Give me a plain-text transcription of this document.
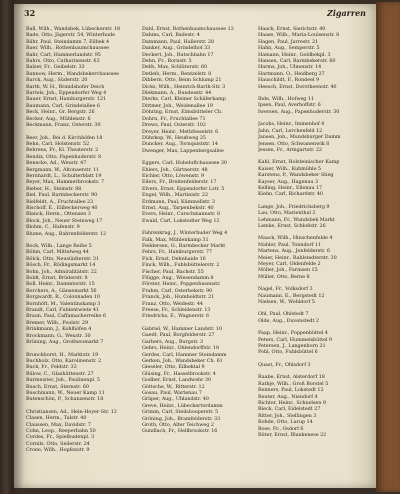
32	Zigarren
Ball, Wilh., Wandsbek, Lübeckerstr. 18
Bade, Otto, Jägerstr. 54, Winterhude
Bähr, Paul, Steindamm 7, Eilbek 4
Baer, Wilh., Rothenbaumchaussee
Bahr, Carl, Hammerlandstr. 95
Bahrs, Otto, Catharinenstr. 63
Balzer, Fr., Geibelstr. 33
Bannow, Herm., Wandsbekerchaussee
Barck, Aug., Süderstr. 20
Barth, W. H., Brandshofer Deich
Bartels, Joh., Eppendorfer Weg 4
Bauer, Ernst, Hamburgerstr. 121
Baumann, Carl, Grindelallee 6
Beck, Heinr., Gr. Bergstr. 26
Becker, Aug., Mühlenstr. 6
Beckmann, Franz, Osterstr. 30
Beer, Joh., Bei d. Kirchhöfen 18
Behn, Carl, Holstenstr. 52
Behrens, Fr., Kl. Theaterstr. 2
Bendix, Otto, Papenhuderstr. 8
Benecke, Ad., Wexstr. 47
Bergmann, W., Altonaerstr. 11
Bernhardt, L., Schulterblatt 19
Beyer, Max, Hammerbrookstr. 7
Bieber, H., Steinstr. 88
Biel, Paul, Barmbeckerstr. 90
Bielfeldt, A., Fruchtallee 23
Bischoff, E., Eilbeckerweg 40
Blanck, Herm., Ottensen 3
Block, Joh., Neuer Steinweg 17
Blohm, C., Hafenstr. 9
Blume, Aug., Bahrenfelderstr. 12
Bock, Wilh., Lange Reihe 5
Böhm, Carl, Mittelweg 44
Bölck, Otto, Neustädterstr. 31
Bösch, Fr., Rödingsmarkt 14
Bohn, Joh., Admiralitätstr. 22
Boldt, Ernst, Brüderstr. 8
Boll, Heinr., Dammtorstr. 15
Borchers, A., Gänsemarkt 56
Borgwardt, R., Colonnaden 10
Bornhöft, M., Valentinskamp 3
Brandt, Carl, Fuhlentwiete 41
Braun, Paul, Caffamacherreihe 6
Bremer, Wilh., Poolstr. 29
Brinkmann, J., Kohlhöfen 4
Brockmann, G., Wexstr. 30
Brüning, Aug., Großneumarkt 7
Brunckhorst, H., Marktstr. 19
Buchholz, Otto, Karolinenstr. 2
Buck, Fr., Feldstr. 33
Bülow, C., Glashüttenstr. 27
Burmeister, Joh., Paulinenpl. 5
Busch, Ernst, Sternstr. 60
Buschmann, W., Neuer Kamp 11
Butenschön, P., Schanzenstr. 18
Christiansen, Ad., Hein-Hoyer-Str. 12
Clasen, Herm., Talstr. 40
Claussen, Max, Davidstr. 7
Cohn, Leop., Reeperbahn 50
Cordes, Fr., Spielbudenpl. 3
Cornils, Otto, Seilerstr. 24
Crone, Wilh., Hopfenstr. 9
Dahl, Ernst, Rothenbaumchaussee 12
Dahms, Carl, Badestr. 4
Dammann, Paul, Hallerstr. 28
Danker, Aug., Grindelhof 33
Deckert, Joh., Rutschbahn 17
Dehn, Fr., Bornstr. 5
Delfs, Max, Schlüterstr. 60
Detlefs, Herm., Rentzelstr. 8
Dibbern, Otto, Beim Schlump 21
Dicks, Wilh., Heinrich-Barth-Str. 3
Diekmann, A., Bundesstr. 44
Dierks, Carl, Kleiner Schäferkamp
Dittmer, Joh., Weidenallee 19
Döhring, Ernst, Eimsbütteler Ch.
Dohrn, Fr., Fruchtallee 71
Drews, Paul, Osterstr. 102
Dreyer, Heinr., Methfesselstr. 6
Dührkop, W., Heußweg 25
Duncker, Aug., Tornquiststr. 14
Dwenger, Max, Lappenbergsallee
Eggers, Carl, Hoheluftchaussee 30
Ehlers, Joh., Gärtnerstr. 48
Eichler, Otto, Löwenstr. 9
Eilers, Fr., Breitenfelderstr. 17
Elvers, Ernst, Eppendorfer Lstr. 5
Engel, Wilh., Martinistr. 22
Erdmann, Paul, Kümmellstr. 3
Ernst, Aug., Tarpenbekstr. 40
Evers, Heinr., Curschmannstr. 8
Ewald, Carl, Lokstedter Weg 12
Fahrenkrug, J., Winterhuder Weg 4
Falk, Max, Mühlenkamp 31
Feddersen, O., Barmbecker Markt
Fehrs, Fr., Hamburgerstr. 77
Fick, Ernst, Dehnhaide 16
Finck, Wilh., Fuhlsbüttelerstr. 2
Fischer, Paul, Bachstr. 55
Flügge, Aug., Wiesendamm 8
Förster, Heinr., Poppenhusenstr.
Frahm, Carl, Osterbekstr. 90
Franck, Joh., Humboldtstr. 21
Franz, Otto, Weidestr. 44
Freese, Fr., Schleidenstr. 13
Friedrichs, E., Wagnerstr. 6
Gabriel, W., Hammer Landstr. 10
Gaedt, Paul, Borgfelderstr. 27
Garbers, Aug., Burgstr. 3
Gehrs, Heinr., Ohlendorffstr. 18
Gerdes, Carl, Hammer Steindamm
Gerken, Joh., Wandsbeker Ch. 61
Gieseler, Otto, Eilbektal 9
Glüsing, Fr., Hasselbrookstr. 4
Godber, Ernst, Landwehr 30
Göttsche, W., Ritterstr. 12
Gosau, Paul, Wartenau 7
Gräper, Aug., Uhlandstr. 40
Greve, Heinr., Lübeckertordamm
Grimm, Carl, Steilshooperstr. 5
Gröning, Joh., Bramfelderstr. 33
Groth, Otto, Alter Teichweg 2
Gundlach, Fr., Hellbrookstr. 16
Haack, Ernst, Sierichstr. 40
Haase, Wilh., Maria-Louisenstr. 8
Hagen, Paul, Jarrestr. 21
Hahn, Aug., Semperstr. 5
Hamann, Heinr., Goldbekpl. 3
Hansen, Carl, Barmbekerstr. 60
Harms, Joh., Ulmenstr. 14
Hartmann, O., Heidberg 27
Hauschildt, F., Rondeel 9
Heesch, Ernst, Dorotheenstr. 40
Ihde, Wilh., Hofweg 11
Ipsen, Paul, Averhoffstr. 6
Iwersen, Aug., Papenhuderstr. 30
Jacobs, Heinr., Immenhof 4
Jahn, Carl, Lerchenfeld 12
Jansen, Joh., Mundsburger Damm
Jensen, Otto, Schwanenwik 8
Jessen, Fr., Armgartstr. 22
Kahl, Ernst, Holsteinischer Kamp
Kaiser, Wilh., Kuhmühle 5
Karstens, P., Wandsbeker Stieg
Kayser, Aug., Hagenau 3
Kelling, Heinr., Eilenau 17
Kiehn, Carl, Richardstr. 40
Lange, Joh., Friedrichsberg 9
Lau, Otto, Marienthal 2
Lehmann, Fr., Wandsbek Markt
Lemke, Ernst, Schloßstr. 26
Maack, Wilh., Hinschenfelde 4
Mahler, Paul, Tonndorf 11
Martens, Aug., Jenfelderstr. 6
Meier, Heinr., Rahlstedterstr. 30
Meyer, Carl, Oldenfelde 2
Möller, Joh., Farmsen 15
Müller, Otto, Berne 8
Nagel, Fr., Volksdorf 3
Naumann, E., Bergstedt 12
Nielsen, W., Wohldorf 5
Ohl, Paul, Ohlstedt 7
Olde, Aug., Duvenstedt 2
Paap, Heinr., Poppenbüttel 4
Peters, Carl, Hummelsbüttel 9
Petersen, J., Langenhorn 21
Pohl, Otto, Fuhlsbüttel 6
Quast, Fr., Ohlsdorf 3
Raabe, Ernst, Alsterdorf 18
Rathje, Wilh., Groß Borstel 5
Reimers, Paul, Lokstedt 12
Reuter, Aug., Niendorf 4
Richter, Heinr., Schnelsen 9
Rieck, Carl, Eidelstedt 27
Ritter, Joh., Stellingen 3
Rohde, Otto, Lurup 14
Rose, Fr., Osdorf 6
Rüter, Ernst, Blankenese 22
